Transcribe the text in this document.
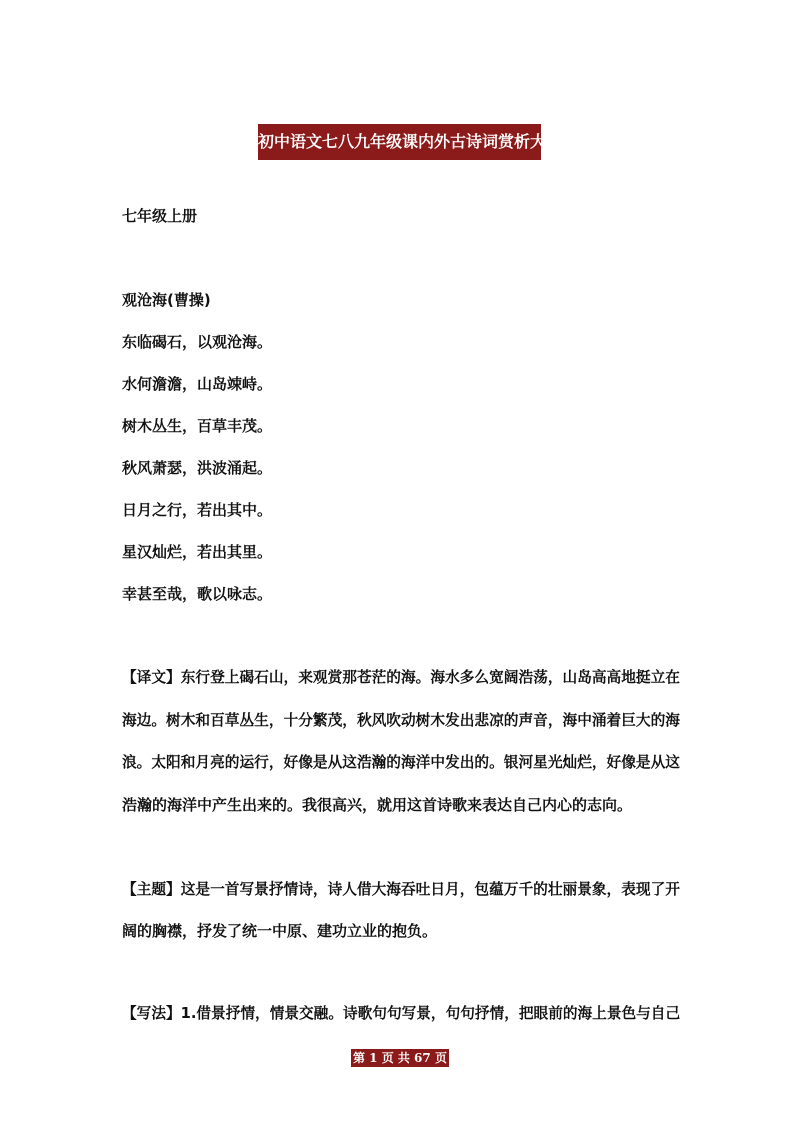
初中语文七八九年级课内外古诗词赏析大全
七年级上册
观沧海(曹操)
东临碣石，以观沧海。
水何澹澹，山岛竦峙。
树木丛生，百草丰茂。
秋风萧瑟，洪波涌起。
日月之行，若出其中。
星汉灿烂，若出其里。
幸甚至哉，歌以咏志。
【译文】东行登上碣石山，来观赏那苍茫的海。海水多么宽阔浩荡，山岛高高地挺立在
海边。树木和百草丛生，十分繁茂，秋风吹动树木发出悲凉的声音，海中涌着巨大的海
浪。太阳和月亮的运行，好像是从这浩瀚的海洋中发出的。银河星光灿烂，好像是从这
浩瀚的海洋中产生出来的。我很高兴，就用这首诗歌来表达自己内心的志向。
【主题】这是一首写景抒情诗，诗人借大海吞吐日月，包蕴万千的壮丽景象，表现了开
阔的胸襟，抒发了统一中原、建功立业的抱负。
【写法】1.借景抒情，情景交融。诗歌句句写景，句句抒情，把眼前的海上景色与自己
第 1 页 共 67 页
